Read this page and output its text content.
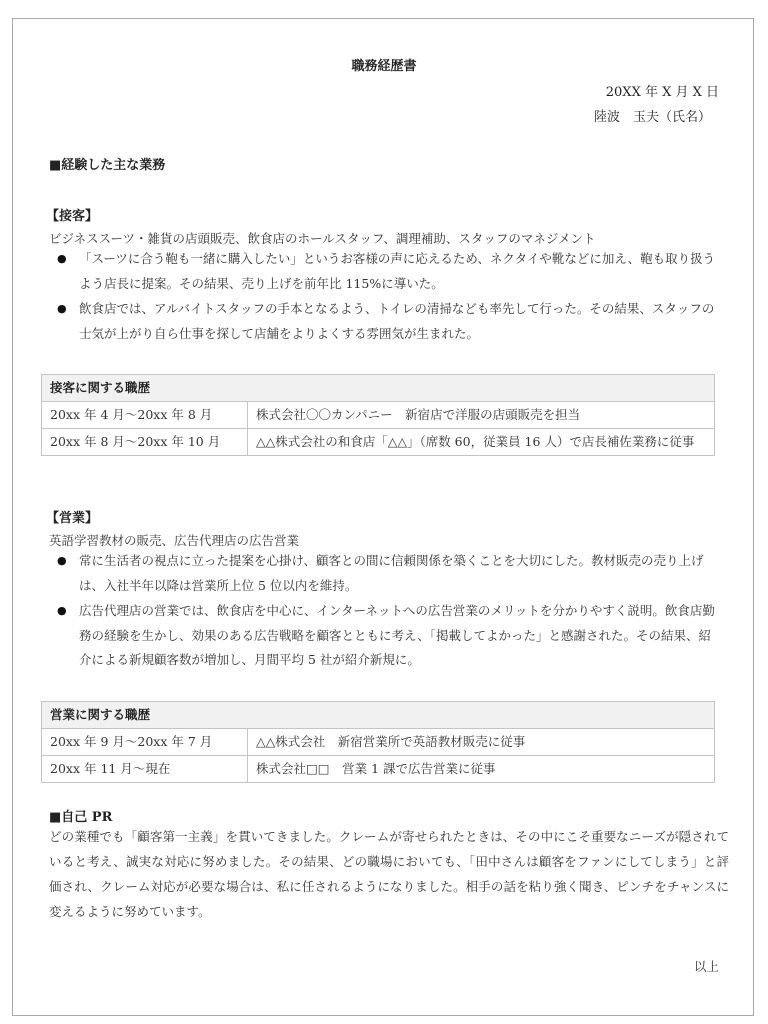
職務経歴書
20XX 年 X 月 X 日
陸波　玉夫（氏名）
■経験した主な業務
【接客】
ビジネススーツ・雑貨の店頭販売、飲食店のホールスタッフ、調理補助、スタッフのマネジメント
● 「スーツに合う鞄も一緒に購入したい」というお客様の声に応えるため、ネクタイや靴などに加え、鞄も取り扱うよう店長に提案。その結果、売り上げを前年比 115%に導いた。
● 飲食店では、アルバイトスタッフの手本となるよう、トイレの清掃なども率先して行った。その結果、スタッフの士気が上がり自ら仕事を探して店舗をよりよくする雰囲気が生まれた。
接客に関する職歴	
20xx 年 4 月～20xx 年 8 月	株式会社〇〇カンパニー　新宿店で洋服の店頭販売を担当
20xx 年 8 月～20xx 年 10 月	△△株式会社の和食店「△△」（席数 60，従業員 16 人）で店長補佐業務に従事
【営業】
英語学習教材の販売、広告代理店の広告営業
● 常に生活者の視点に立った提案を心掛け、顧客との間に信頼関係を築くことを大切にした。教材販売の売り上げは、入社半年以降は営業所上位 5 位以内を維持。
● 広告代理店の営業では、飲食店を中心に、インターネットへの広告営業のメリットを分かりやすく説明。飲食店勤務の経験を生かし、効果のある広告戦略を顧客とともに考え、「掲載してよかった」と感謝された。その結果、紹介による新規顧客数が増加し、月間平均 5 社が紹介新規に。
営業に関する職歴	
20xx 年 9 月～20xx 年 7 月	△△株式会社　新宿営業所で英語教材販売に従事
20xx 年 11 月～現在	株式会社□□　営業 1 課で広告営業に従事
■自己 PR
どの業種でも「顧客第一主義」を貫いてきました。クレームが寄せられたときは、その中にこそ重要なニーズが隠されていると考え、誠実な対応に努めました。その結果、どの職場においても、「田中さんは顧客をファンにしてしまう」と評価され、クレーム対応が必要な場合は、私に任されるようになりました。相手の話を粘り強く聞き、ピンチをチャンスに変えるように努めています。
以上
